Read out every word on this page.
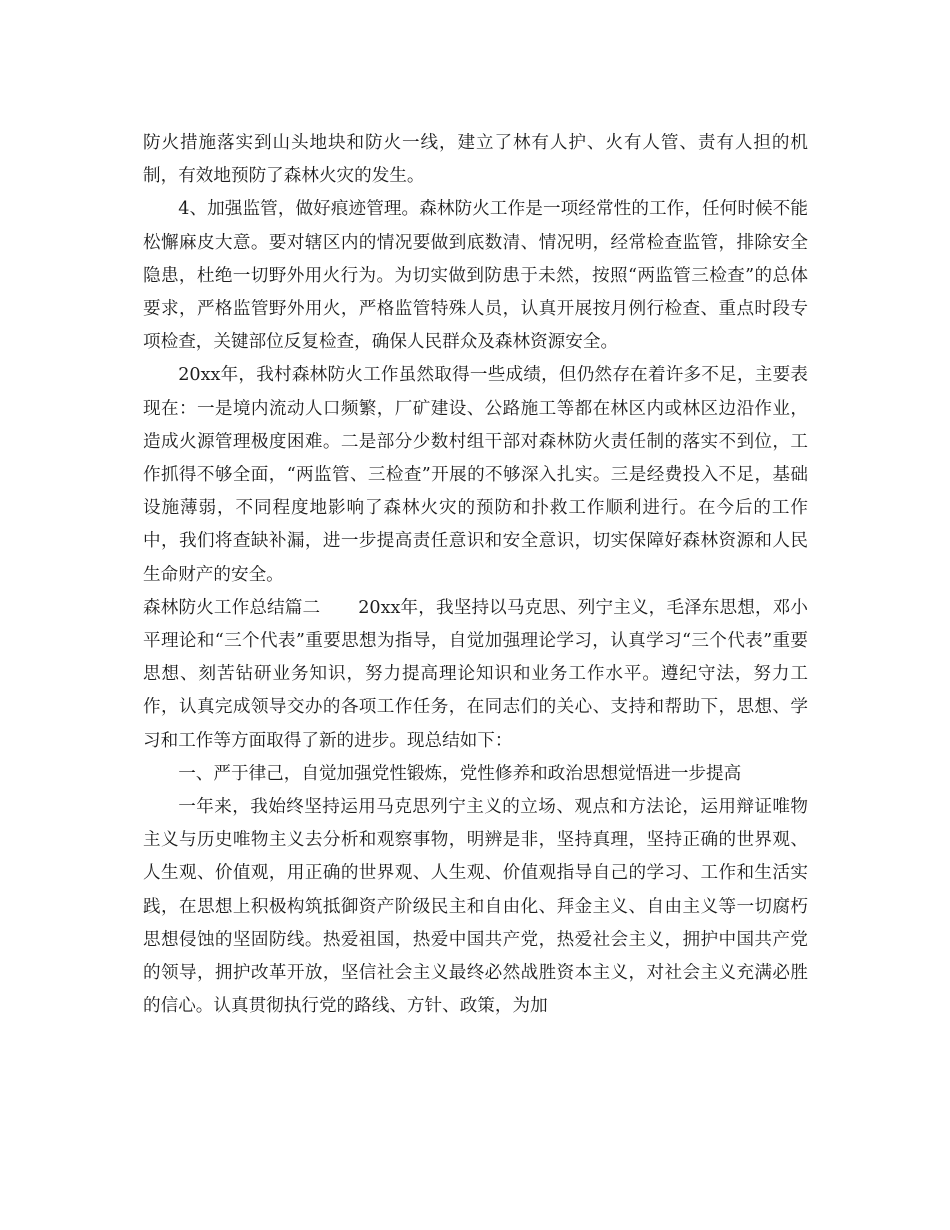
防火措施落实到山头地块和防火一线，建立了林有人护、火有人管、责有人担的机制，有效地预防了森林火灾的发生。

4、加强监管，做好痕迹管理。森林防火工作是一项经常性的工作，任何时候不能松懈麻皮大意。要对辖区内的情况要做到底数清、情况明，经常检查监管，排除安全隐患，杜绝一切野外用火行为。为切实做到防患于未然，按照“两监管三检查”的总体要求，严格监管野外用火，严格监管特殊人员，认真开展按月例行检查、重点时段专项检查，关键部位反复检查，确保人民群众及森林资源安全。

20xx年，我村森林防火工作虽然取得一些成绩，但仍然存在着许多不足，主要表现在：一是境内流动人口频繁，厂矿建设、公路施工等都在林区内或林区边沿作业，造成火源管理极度困难。二是部分少数村组干部对森林防火责任制的落实不到位，工作抓得不够全面，“两监管、三检查”开展的不够深入扎实。三是经费投入不足，基础设施薄弱，不同程度地影响了森林火灾的预防和扑救工作顺利进行。在今后的工作中，我们将查缺补漏，进一步提高责任意识和安全意识，切实保障好森林资源和人民生命财产的安全。

森林防火工作总结篇二 20xx年，我坚持以马克思、列宁主义，毛泽东思想，邓小平理论和“三个代表”重要思想为指导，自觉加强理论学习，认真学习“三个代表”重要思想、刻苦钻研业务知识，努力提高理论知识和业务工作水平。遵纪守法，努力工作，认真完成领导交办的各项工作任务，在同志们的关心、支持和帮助下，思想、学习和工作等方面取得了新的进步。现总结如下：

一、严于律己，自觉加强党性锻炼，党性修养和政治思想觉悟进一步提高

一年来，我始终坚持运用马克思列宁主义的立场、观点和方法论，运用辩证唯物主义与历史唯物主义去分析和观察事物，明辨是非，坚持真理，坚持正确的世界观、人生观、价值观，用正确的世界观、人生观、价值观指导自己的学习、工作和生活实践，在思想上积极构筑抵御资产阶级民主和自由化、拜金主义、自由主义等一切腐朽思想侵蚀的坚固防线。热爱祖国，热爱中国共产党，热爱社会主义，拥护中国共产党的领导，拥护改革开放，坚信社会主义最终必然战胜资本主义，对社会主义充满必胜的信心。认真贯彻执行党的路线、方针、政策，为加
